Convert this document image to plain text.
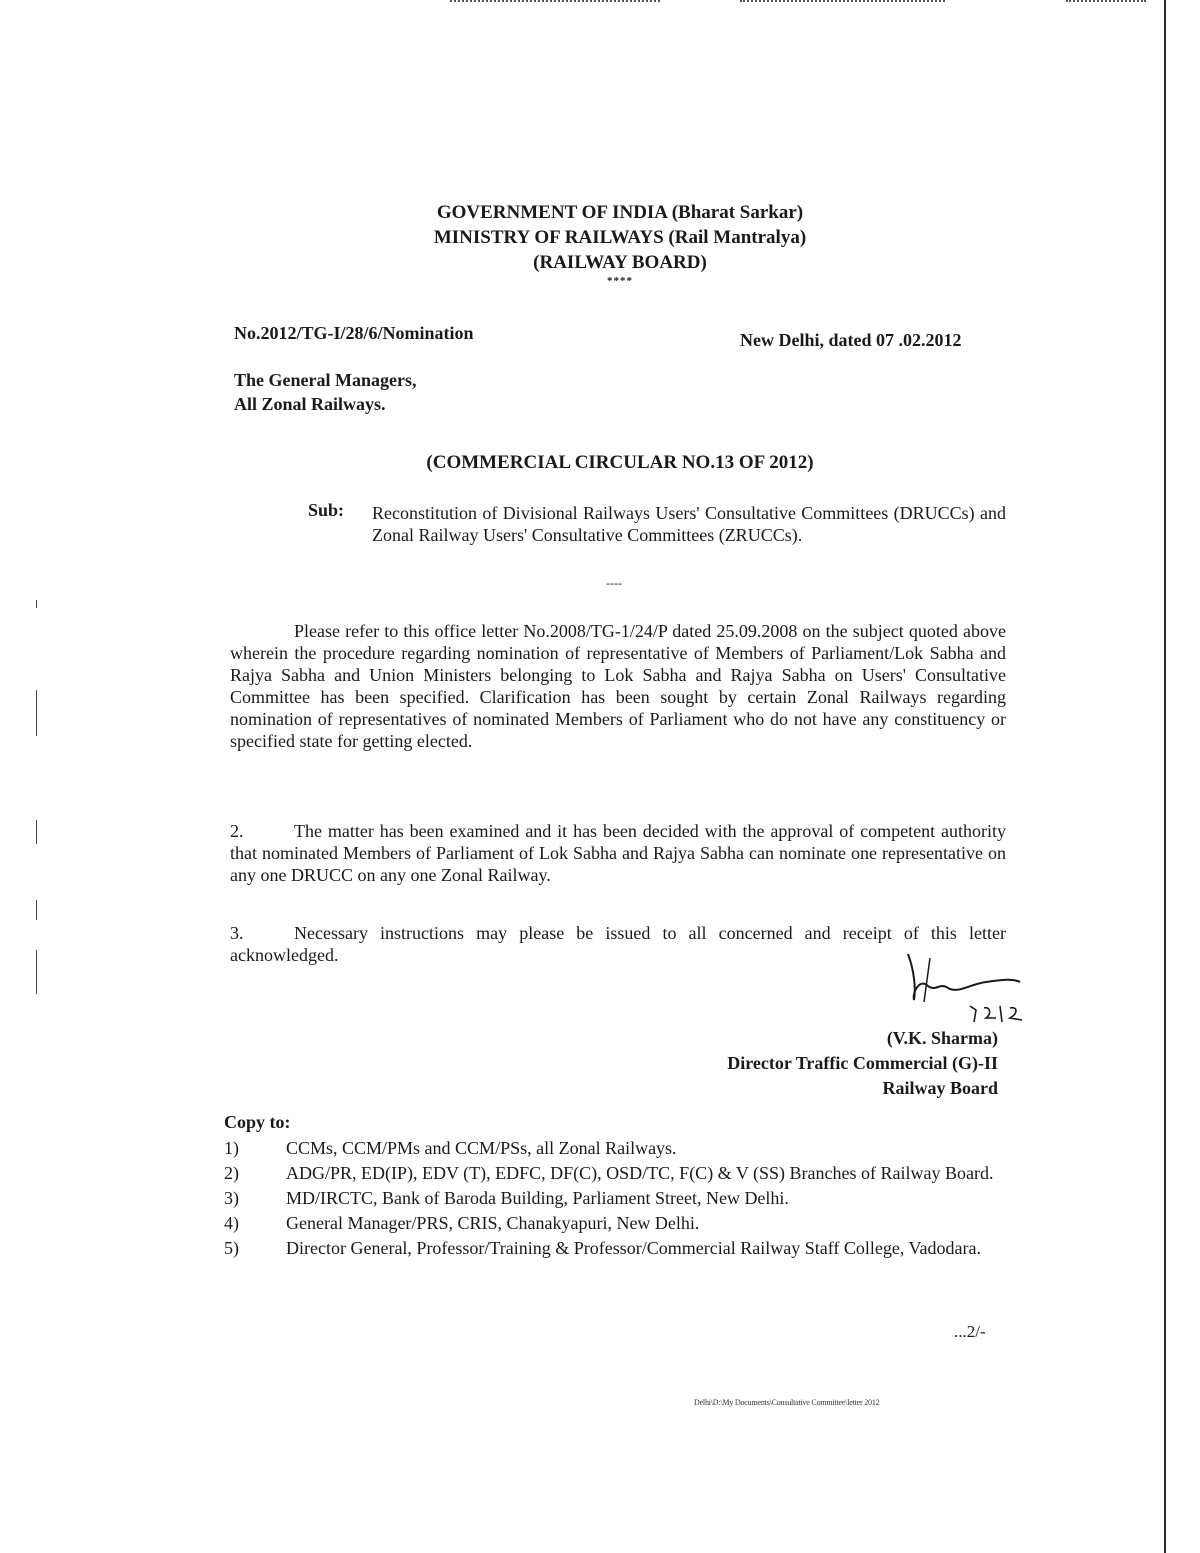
GOVERNMENT OF INDIA (Bharat Sarkar)
MINISTRY OF RAILWAYS (Rail Mantralya)
(RAILWAY BOARD)
****
No.2012/TG-I/28/6/Nomination	New Delhi, dated 07 .02.2012
The General Managers,
All Zonal Railways.
(COMMERCIAL CIRCULAR NO.13 OF 2012)
Sub: Reconstitution of Divisional Railways Users' Consultative Committees (DRUCCs) and Zonal Railway Users' Consultative Committees (ZRUCCs).
----
Please refer to this office letter No.2008/TG-1/24/P dated 25.09.2008 on the subject quoted above wherein the procedure regarding nomination of representative of Members of Parliament/Lok Sabha and Rajya Sabha and Union Ministers belonging to Lok Sabha and Rajya Sabha on Users' Consultative Committee has been specified. Clarification has been sought by certain Zonal Railways regarding nomination of representatives of nominated Members of Parliament who do not have any constituency or specified state for getting elected.
2.	The matter has been examined and it has been decided with the approval of competent authority that nominated Members of Parliament of Lok Sabha and Rajya Sabha can nominate one representative on any one DRUCC on any one Zonal Railway.
3.	Necessary instructions may please be issued to all concerned and receipt of this letter acknowledged.
(V.K. Sharma)
Director Traffic Commercial (G)-II
Railway Board
Copy to:
1)	CCMs, CCM/PMs and CCM/PSs, all Zonal Railways.
2)	ADG/PR, ED(IP), EDV (T), EDFC, DF(C), OSD/TC, F(C) & V (SS) Branches of Railway Board.
3)	MD/IRCTC, Bank of Baroda Building, Parliament Street, New Delhi.
4)	General Manager/PRS, CRIS, Chanakyapuri, New Delhi.
5)	Director General, Professor/Training & Professor/Commercial Railway Staff College, Vadodara.
...2/-
Delhi\D:\My Documents\Consultative Committee\letter 2012
